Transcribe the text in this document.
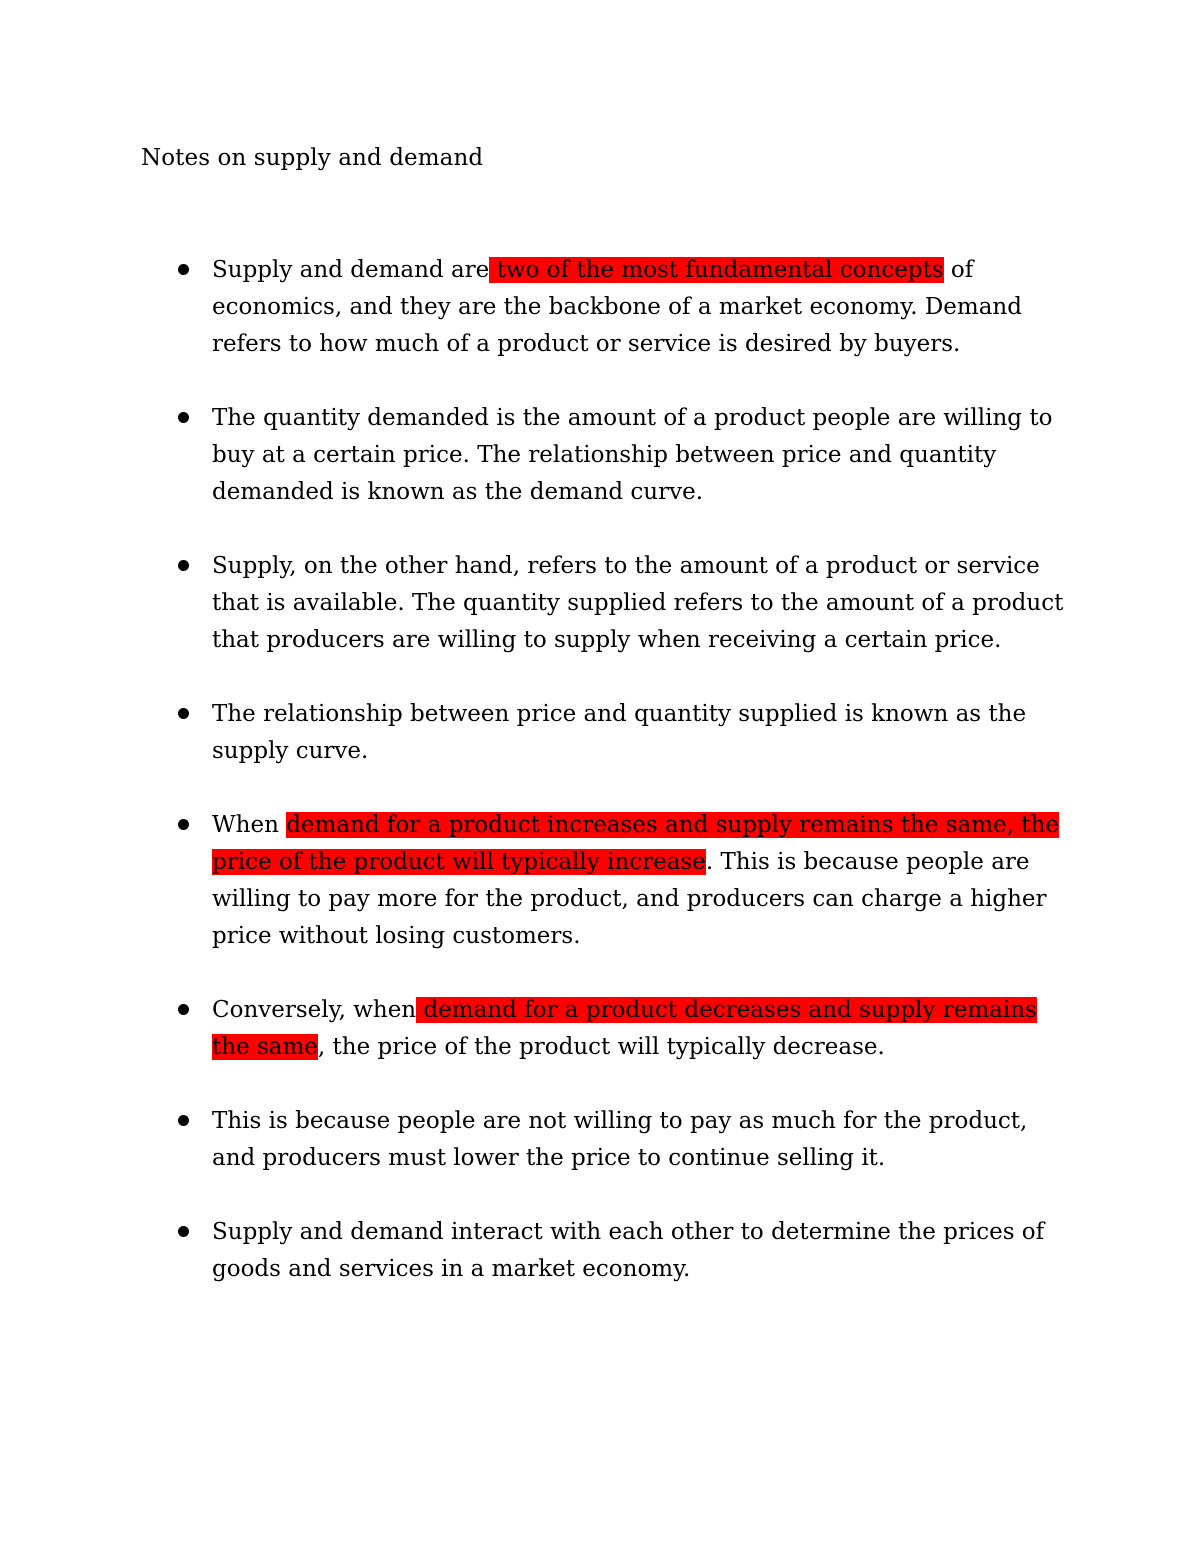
Notes on supply and demand
Supply and demand are two of the most fundamental concepts of economics, and they are the backbone of a market economy. Demand refers to how much of a product or service is desired by buyers.
The quantity demanded is the amount of a product people are willing to buy at a certain price. The relationship between price and quantity demanded is known as the demand curve.
Supply, on the other hand, refers to the amount of a product or service that is available. The quantity supplied refers to the amount of a product that producers are willing to supply when receiving a certain price.
The relationship between price and quantity supplied is known as the supply curve.
When demand for a product increases and supply remains the same, the price of the product will typically increase. This is because people are willing to pay more for the product, and producers can charge a higher price without losing customers.
Conversely, when demand for a product decreases and supply remains the same, the price of the product will typically decrease.
This is because people are not willing to pay as much for the product, and producers must lower the price to continue selling it.
Supply and demand interact with each other to determine the prices of goods and services in a market economy.
